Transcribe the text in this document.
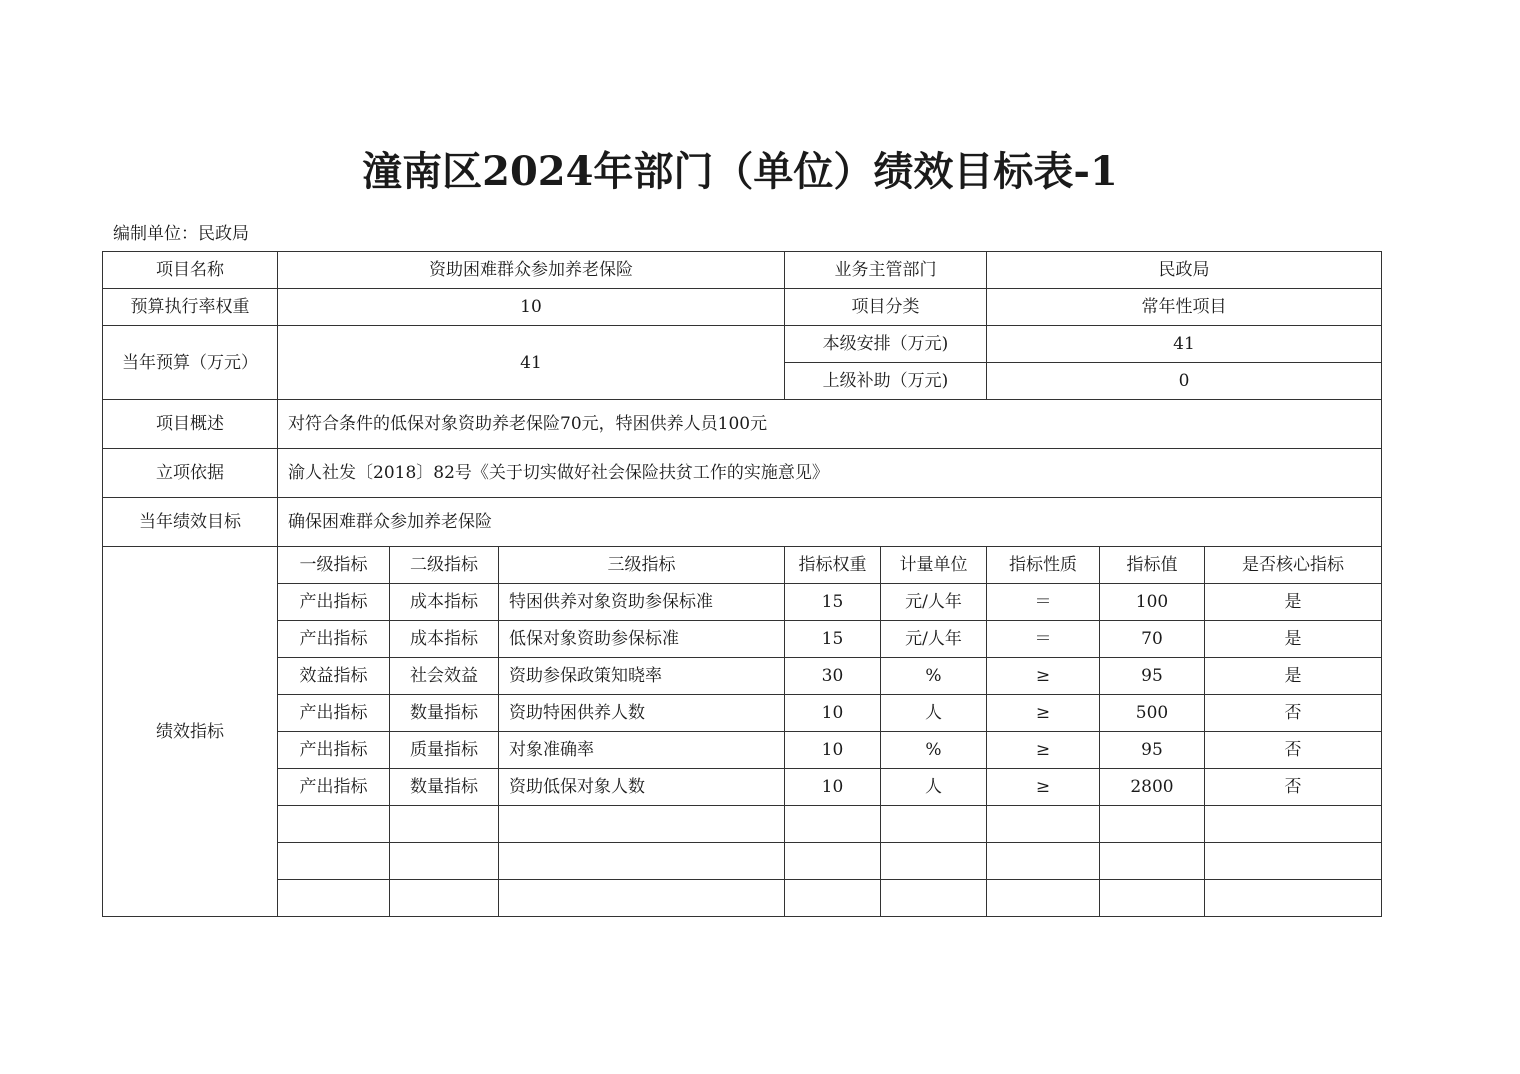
潼南区2024年部门（单位）绩效目标表-1
编制单位：民政局
项目名称	资助困难群众参加养老保险			业务主管部门		民政局		
预算执行率权重	10			项目分类		常年性项目		
当年预算（万元）	41			本级安排（万元)		41		
				上级补助（万元)		0		
项目概述	对符合条件的低保对象资助养老保险70元，特困供养人员100元							
立项依据	渝人社发〔2018〕82号《关于切实做好社会保险扶贫工作的实施意见》							
当年绩效目标	确保困难群众参加养老保险							
绩效指标	一级指标	二级指标	三级指标	指标权重	计量单位	指标性质	指标值	是否核心指标
	产出指标	成本指标	特困供养对象资助参保标准	15	元/人年	＝	100	是
	产出指标	成本指标	低保对象资助参保标准	15	元/人年	＝	70	是
	效益指标	社会效益	资助参保政策知晓率	30	%	≥	95	是
	产出指标	数量指标	资助特困供养人数	10	人	≥	500	否
	产出指标	质量指标	对象准确率	10	%	≥	95	否
	产出指标	数量指标	资助低保对象人数	10	人	≥	2800	否
